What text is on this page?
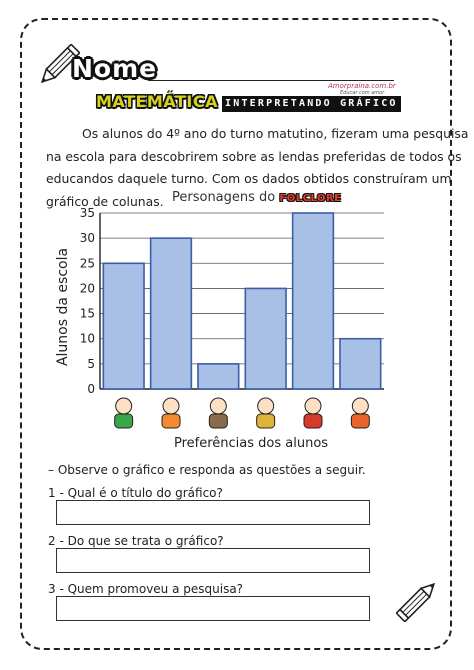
Nome
Amorpraina.com.br
Educar com amor
MATEMÁTICA INTERPRETANDO GRÁFICO
Os alunos do 4º ano do turno matutino, fizeram uma pesquisa
na escola para descobrirem sobre as lendas preferidas de todos os
educandos daquele turno. Com os dados obtidos construíram um
gráfico de colunas. Personagens do FOLCLORE
0
5
10
15
20
25
30
35
Alunos da escola
Preferências dos alunos
– Observe o gráfico e responda as questões a seguir.
1 - Qual é o título do gráfico?
2 - Do que se trata o gráfico?
3 - Quem promoveu a pesquisa?
